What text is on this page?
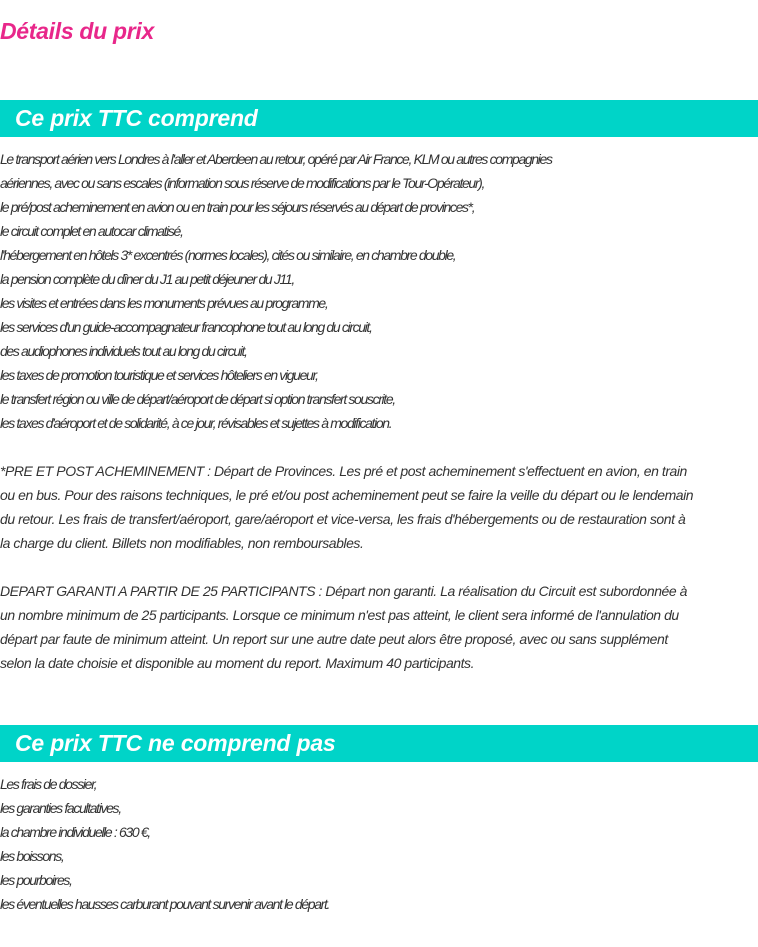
Détails du prix
Ce prix TTC comprend
Le transport aérien vers Londres à l'aller et Aberdeen au retour, opéré par Air France, KLM ou autres compagnies
aériennes, avec ou sans escales (information sous réserve de modifications par le Tour-Opérateur),
le pré/post acheminement en avion ou en train pour les séjours réservés au départ de provinces*,
le circuit complet en autocar climatisé,
l'hébergement en hôtels 3* excentrés (normes locales), cités ou similaire, en chambre double,
la pension complète du dîner du J1 au petit déjeuner du J11,
les visites et entrées dans les monuments prévues au programme,
les services d'un guide-accompagnateur francophone tout au long du circuit,
des audiophones individuels tout au long du circuit,
les taxes de promotion touristique et services hôteliers en vigueur,
le transfert région ou ville de départ/aéroport de départ si option transfert souscrite,
les taxes d'aéroport et de solidarité, à ce jour, révisables et sujettes à modification.
*PRE ET POST ACHEMINEMENT : Départ de Provinces. Les pré et post acheminement s'effectuent en avion, en train
ou en bus. Pour des raisons techniques, le pré et/ou post acheminement peut se faire la veille du départ ou le lendemain
du retour. Les frais de transfert/aéroport, gare/aéroport et vice-versa, les frais d'hébergements ou de restauration sont à
la charge du client. Billets non modifiables, non remboursables.
DEPART GARANTI A PARTIR DE 25 PARTICIPANTS : Départ non garanti. La réalisation du Circuit est subordonnée à
un nombre minimum de 25 participants. Lorsque ce minimum n'est pas atteint, le client sera informé de l'annulation du
départ par faute de minimum atteint. Un report sur une autre date peut alors être proposé, avec ou sans supplément
selon la date choisie et disponible au moment du report. Maximum 40 participants.
Ce prix TTC ne comprend pas
Les frais de dossier,
les garanties facultatives,
la chambre individuelle : 630 €,
les boissons,
les pourboires,
les éventuelles hausses carburant pouvant survenir avant le départ.
